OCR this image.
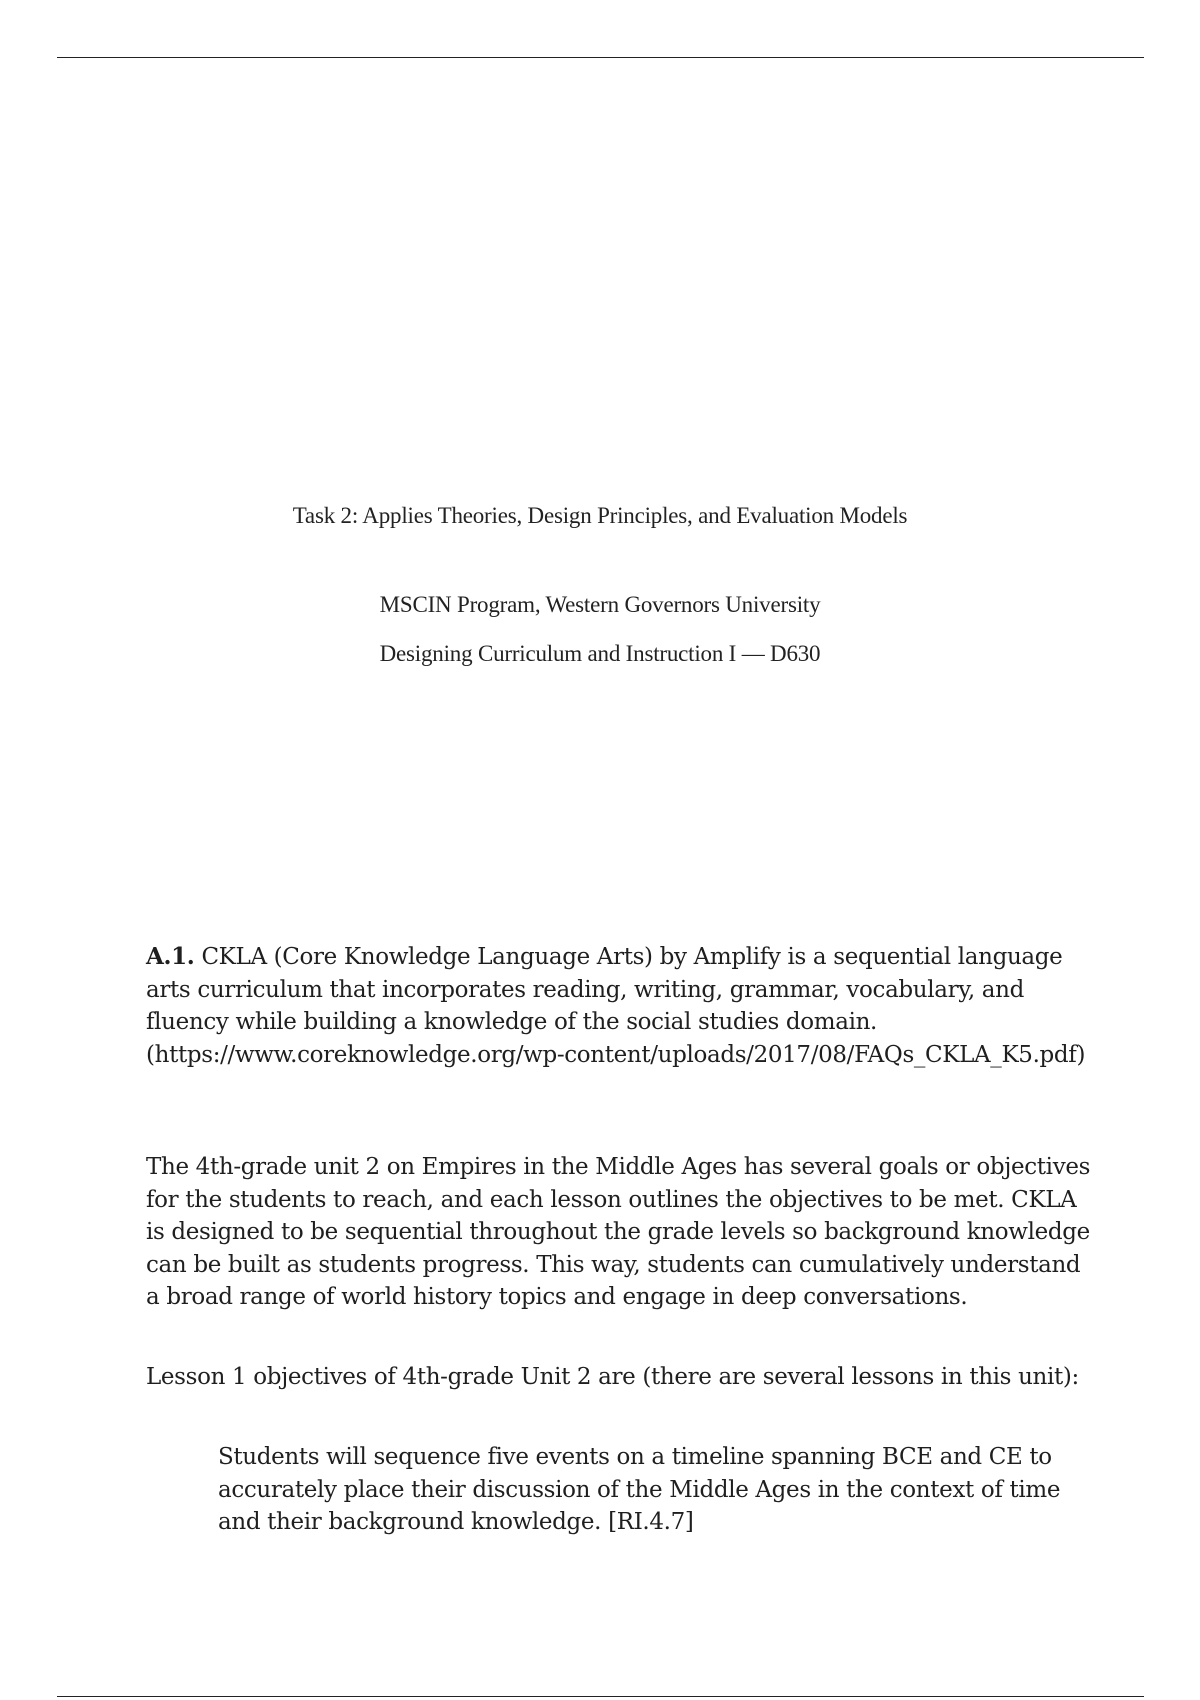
Task 2: Applies Theories, Design Principles, and Evaluation Models
MSCIN Program, Western Governors University
Designing Curriculum and Instruction I — D630
A.1. CKLA (Core Knowledge Language Arts) by Amplify is a sequential language arts curriculum that incorporates reading, writing, grammar, vocabulary, and fluency while building a knowledge of the social studies domain.
(https://www.coreknowledge.org/wp-content/uploads/2017/08/FAQs_CKLA_K5.pdf)
The 4th-grade unit 2 on Empires in the Middle Ages has several goals or objectives for the students to reach, and each lesson outlines the objectives to be met. CKLA is designed to be sequential throughout the grade levels so background knowledge can be built as students progress. This way, students can cumulatively understand a broad range of world history topics and engage in deep conversations.
Lesson 1 objectives of 4th-grade Unit 2 are (there are several lessons in this unit):
Students will sequence five events on a timeline spanning BCE and CE to accurately place their discussion of the Middle Ages in the context of time and their background knowledge. [RI.4.7]
